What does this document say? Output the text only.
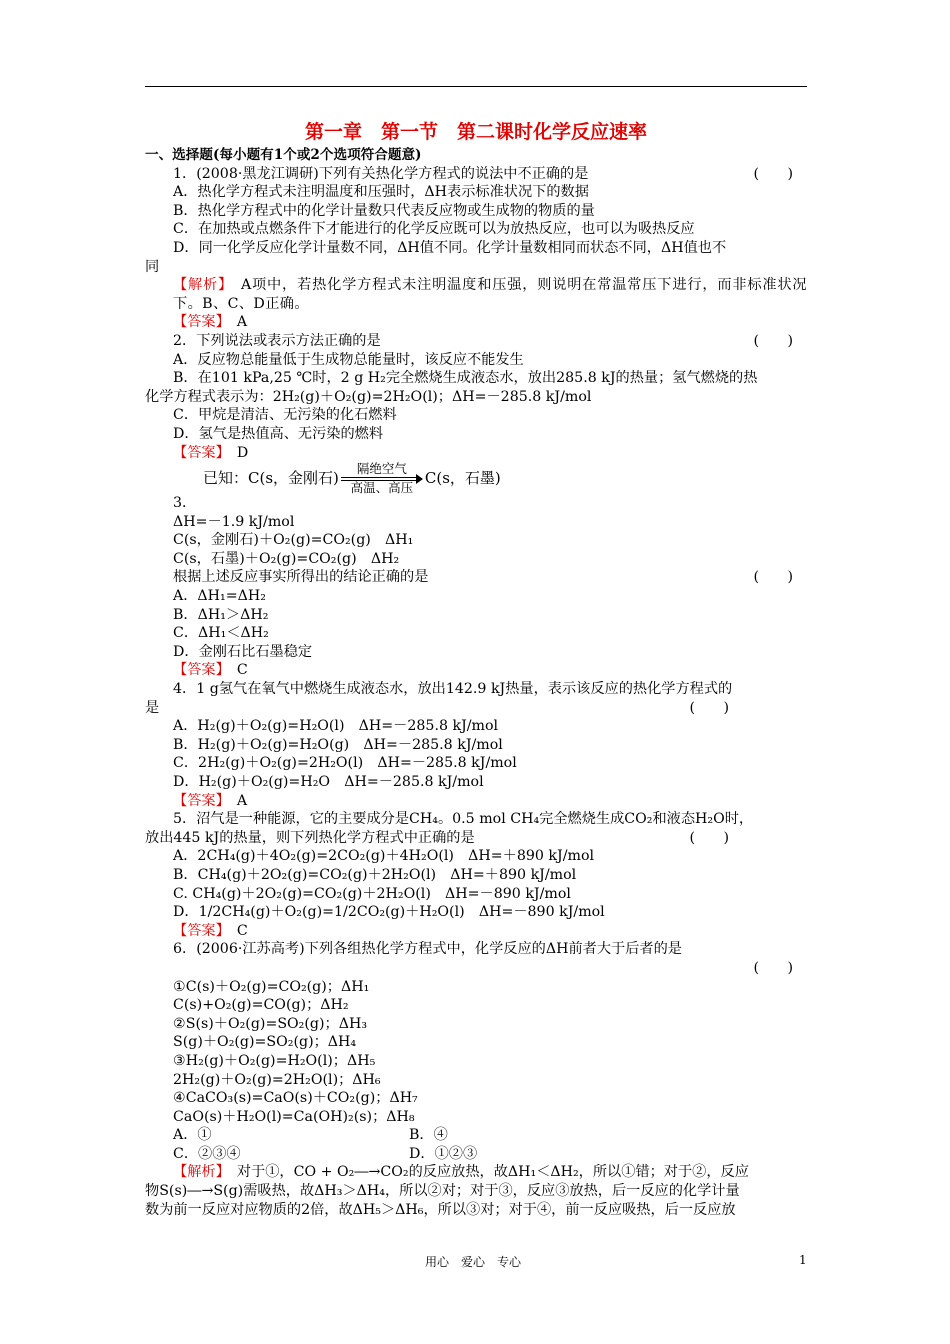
第一章　第一节　第二课时化学反应速率
一、选择题(每小题有1个或2个选项符合题意)
1．(2008·黑龙江调研)下列有关热化学方程式的说法中不正确的是	(　　)
A．热化学方程式未注明温度和压强时，ΔH表示标准状况下的数据
B．热化学方程式中的化学计量数只代表反应物或生成物的物质的量
C．在加热或点燃条件下才能进行的化学反应既可以为放热反应，也可以为吸热反应
D．同一化学反应化学计量数不同，ΔH值不同。化学计量数相同而状态不同，ΔH值也不
同
【解析】　 A项中，若热化学方程式未注明温度和压强，则说明在常温常压下进行，而非标准状况下。B、C、D正确。
【答案】　 A
2．下列说法或表示方法正确的是	(　　)
A．反应物总能量低于生成物总能量时，该反应不能发生
B．在101 kPa,25 ℃时，2 g H₂完全燃烧生成液态水，放出285.8 kJ的热量；氢气燃烧的热
化学方程式表示为：2H₂(g)＋O₂(g)=2H₂O(l)；ΔH=－285.8 kJ/mol
C．甲烷是清洁、无污染的化石燃料
D．氢气是热值高、无污染的燃料
【答案】　 D
已知：C(s，金刚石)
隔绝空气
高温、高压
C(s，石墨)
3．
ΔH=－1.9 kJ/mol
C(s，金刚石)＋O₂(g)=CO₂(g)　ΔH₁
C(s，石墨)＋O₂(g)=CO₂(g)　ΔH₂
根据上述反应事实所得出的结论正确的是	(　　)
A．ΔH₁=ΔH₂
B．ΔH₁＞ΔH₂
C．ΔH₁＜ΔH₂
D．金刚石比石墨稳定
【答案】　 C
4．1 g氢气在氧气中燃烧生成液态水，放出142.9 kJ热量，表示该反应的热化学方程式的
是	(　　)
A．H₂(g)＋O₂(g)=H₂O(l)　ΔH=－285.8 kJ/mol
B．H₂(g)＋O₂(g)=H₂O(g)　ΔH=－285.8 kJ/mol
C．2H₂(g)＋O₂(g)=2H₂O(l)　ΔH=－285.8 kJ/mol
D．H₂(g)＋O₂(g)=H₂O　ΔH=－285.8 kJ/mol
【答案】　 A
5．沼气是一种能源，它的主要成分是CH₄。0.5 mol CH₄完全燃烧生成CO₂和液态H₂O时，
放出445 kJ的热量，则下列热化学方程式中正确的是	(　　)
A．2CH₄(g)＋4O₂(g)=2CO₂(g)＋4H₂O(l)　ΔH=＋890 kJ/mol
B．CH₄(g)＋2O₂(g)=CO₂(g)＋2H₂O(l)　ΔH=＋890 kJ/mol
C. CH₄(g)＋2O₂(g)=CO₂(g)＋2H₂O(l)　ΔH=－890 kJ/mol
D．1/2CH₄(g)＋O₂(g)=1/2CO₂(g)＋H₂O(l)　ΔH=－890 kJ/mol
【答案】　 C
6．(2006·江苏高考)下列各组热化学方程式中，化学反应的ΔH前者大于后者的是

(　　)
①C(s)＋O₂(g)=CO₂(g)；ΔH₁
C(s)+O₂(g)=CO(g)；ΔH₂
②S(s)＋O₂(g)=SO₂(g)；ΔH₃
S(g)＋O₂(g)=SO₂(g)；ΔH₄
③H₂(g)＋O₂(g)=H₂O(l)；ΔH₅
2H₂(g)＋O₂(g)=2H₂O(l)；ΔH₆
④CaCO₃(s)=CaO(s)＋CO₂(g)；ΔH₇
CaO(s)＋H₂O(l)=Ca(OH)₂(s)；ΔH₈
A．①	B．④
C．②③④	D．①②③
【解析】　 对于①，CO + O₂―→CO₂的反应放热，故ΔH₁＜ΔH₂，所以①错；对于②，反应
物S(s)―→S(g)需吸热，故ΔH₃＞ΔH₄，所以②对；对于③，反应③放热，后一反应的化学计量
数为前一反应对应物质的2倍，故ΔH₅＞ΔH₆，所以③对；对于④，前一反应吸热，后一反应放
用心　爱心　专心	1
